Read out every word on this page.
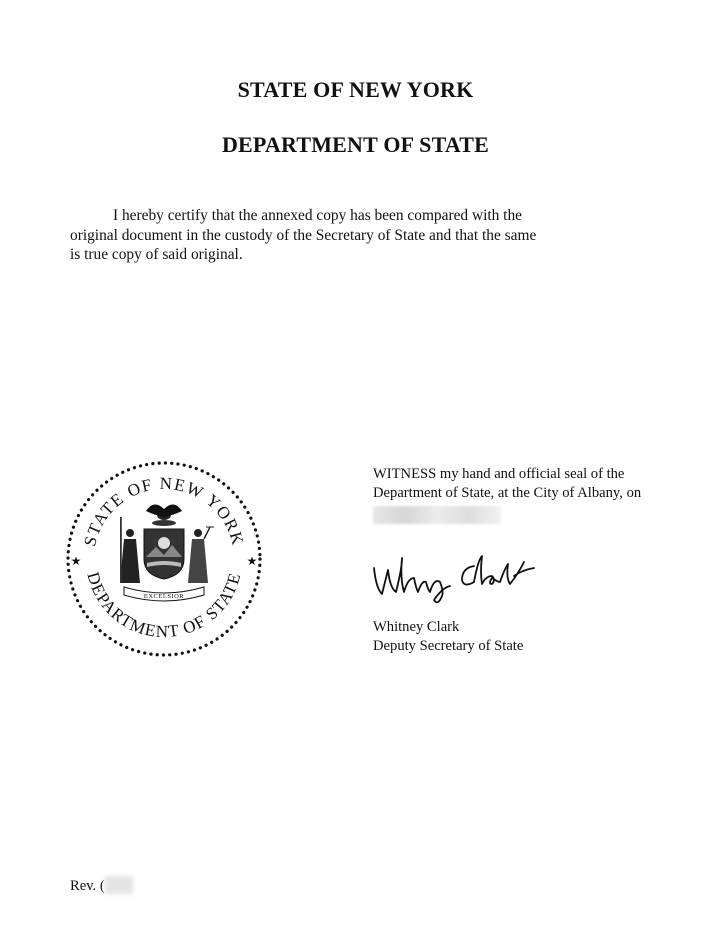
STATE OF NEW YORK
DEPARTMENT OF STATE
I hereby certify that the annexed copy has been compared with the
original document in the custody of the Secretary of State and that the same
is true copy of said original.
★	★
STATE OF NEW YORK
DEPARTMENT OF STATE
EXCELSIOR
WITNESS my hand and official seal of the
Department of State, at the City of Albany, on
Whitney Clark
Deputy Secretary of State
Rev. (
